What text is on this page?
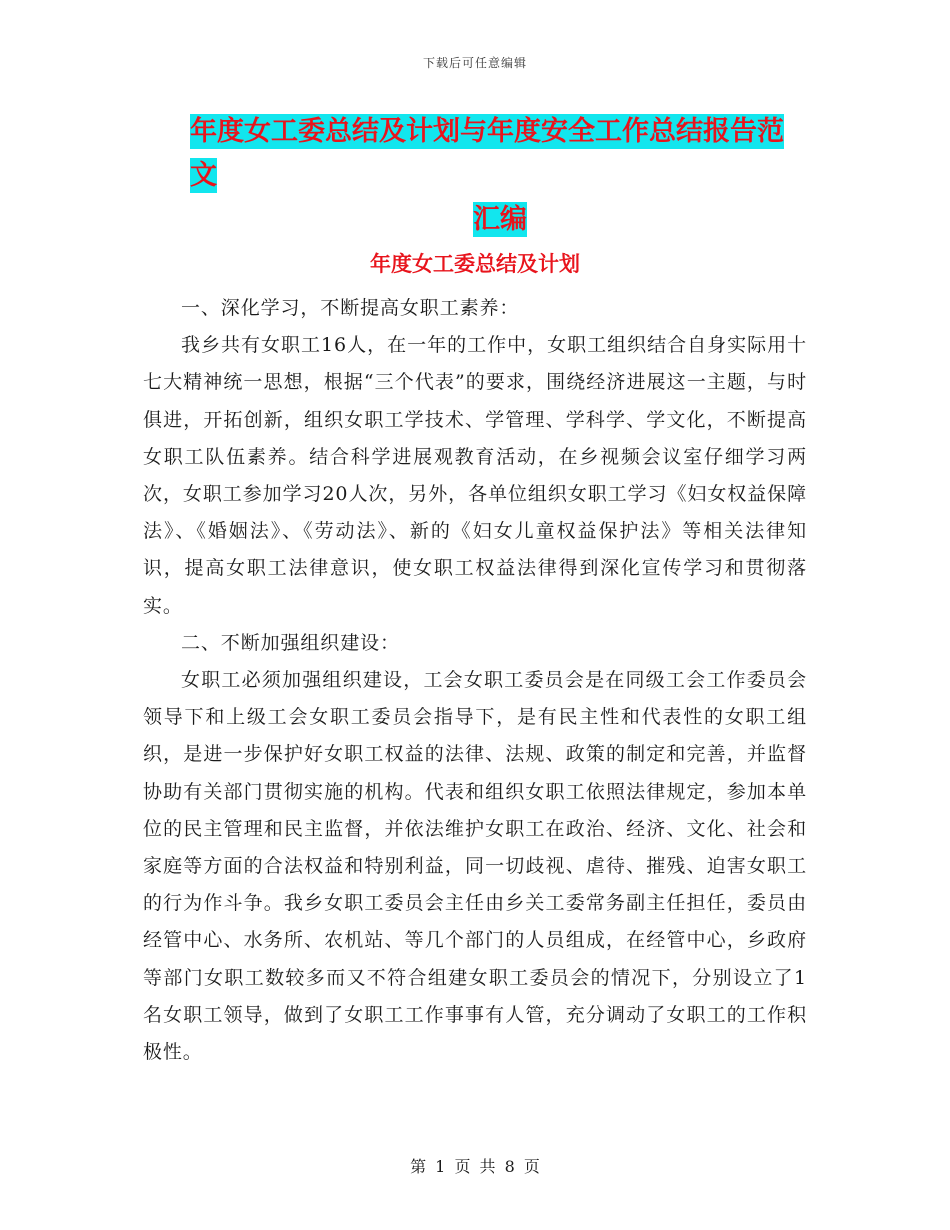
下载后可任意编辑
年度女工委总结及计划与年度安全工作总结报告范文
汇编
年度女工委总结及计划

一、深化学习，不断提高女职工素养：

我乡共有女职工16人，在一年的工作中，女职工组织结合自身实际用十七大精神统一思想，根据“三个代表”的要求，围绕经济进展这一主题，与时俱进，开拓创新，组织女职工学技术、学管理、学科学、学文化，不断提高女职工队伍素养。结合科学进展观教育活动，在乡视频会议室仔细学习两次，女职工参加学习20人次，另外，各单位组织女职工学习《妇女权益保障法》、《婚姻法》、《劳动法》、新的《妇女儿童权益保护法》等相关法律知识，提高女职工法律意识，使女职工权益法律得到深化宣传学习和贯彻落实。

二、不断加强组织建设：

女职工必须加强组织建设，工会女职工委员会是在同级工会工作委员会领导下和上级工会女职工委员会指导下，是有民主性和代表性的女职工组织，是进一步保护好女职工权益的法律、法规、政策的制定和完善，并监督协助有关部门贯彻实施的机构。代表和组织女职工依照法律规定，参加本单位的民主管理和民主监督，并依法维护女职工在政治、经济、文化、社会和家庭等方面的合法权益和特别利益，同一切歧视、虐待、摧残、迫害女职工的行为作斗争。我乡女职工委员会主任由乡关工委常务副主任担任，委员由经管中心、水务所、农机站、等几个部门的人员组成，在经管中心，乡政府等部门女职工数较多而又不符合组建女职工委员会的情况下，分别设立了1名女职工领导，做到了女职工工作事事有人管，充分调动了女职工的工作积极性。

第 1 页 共 8 页
